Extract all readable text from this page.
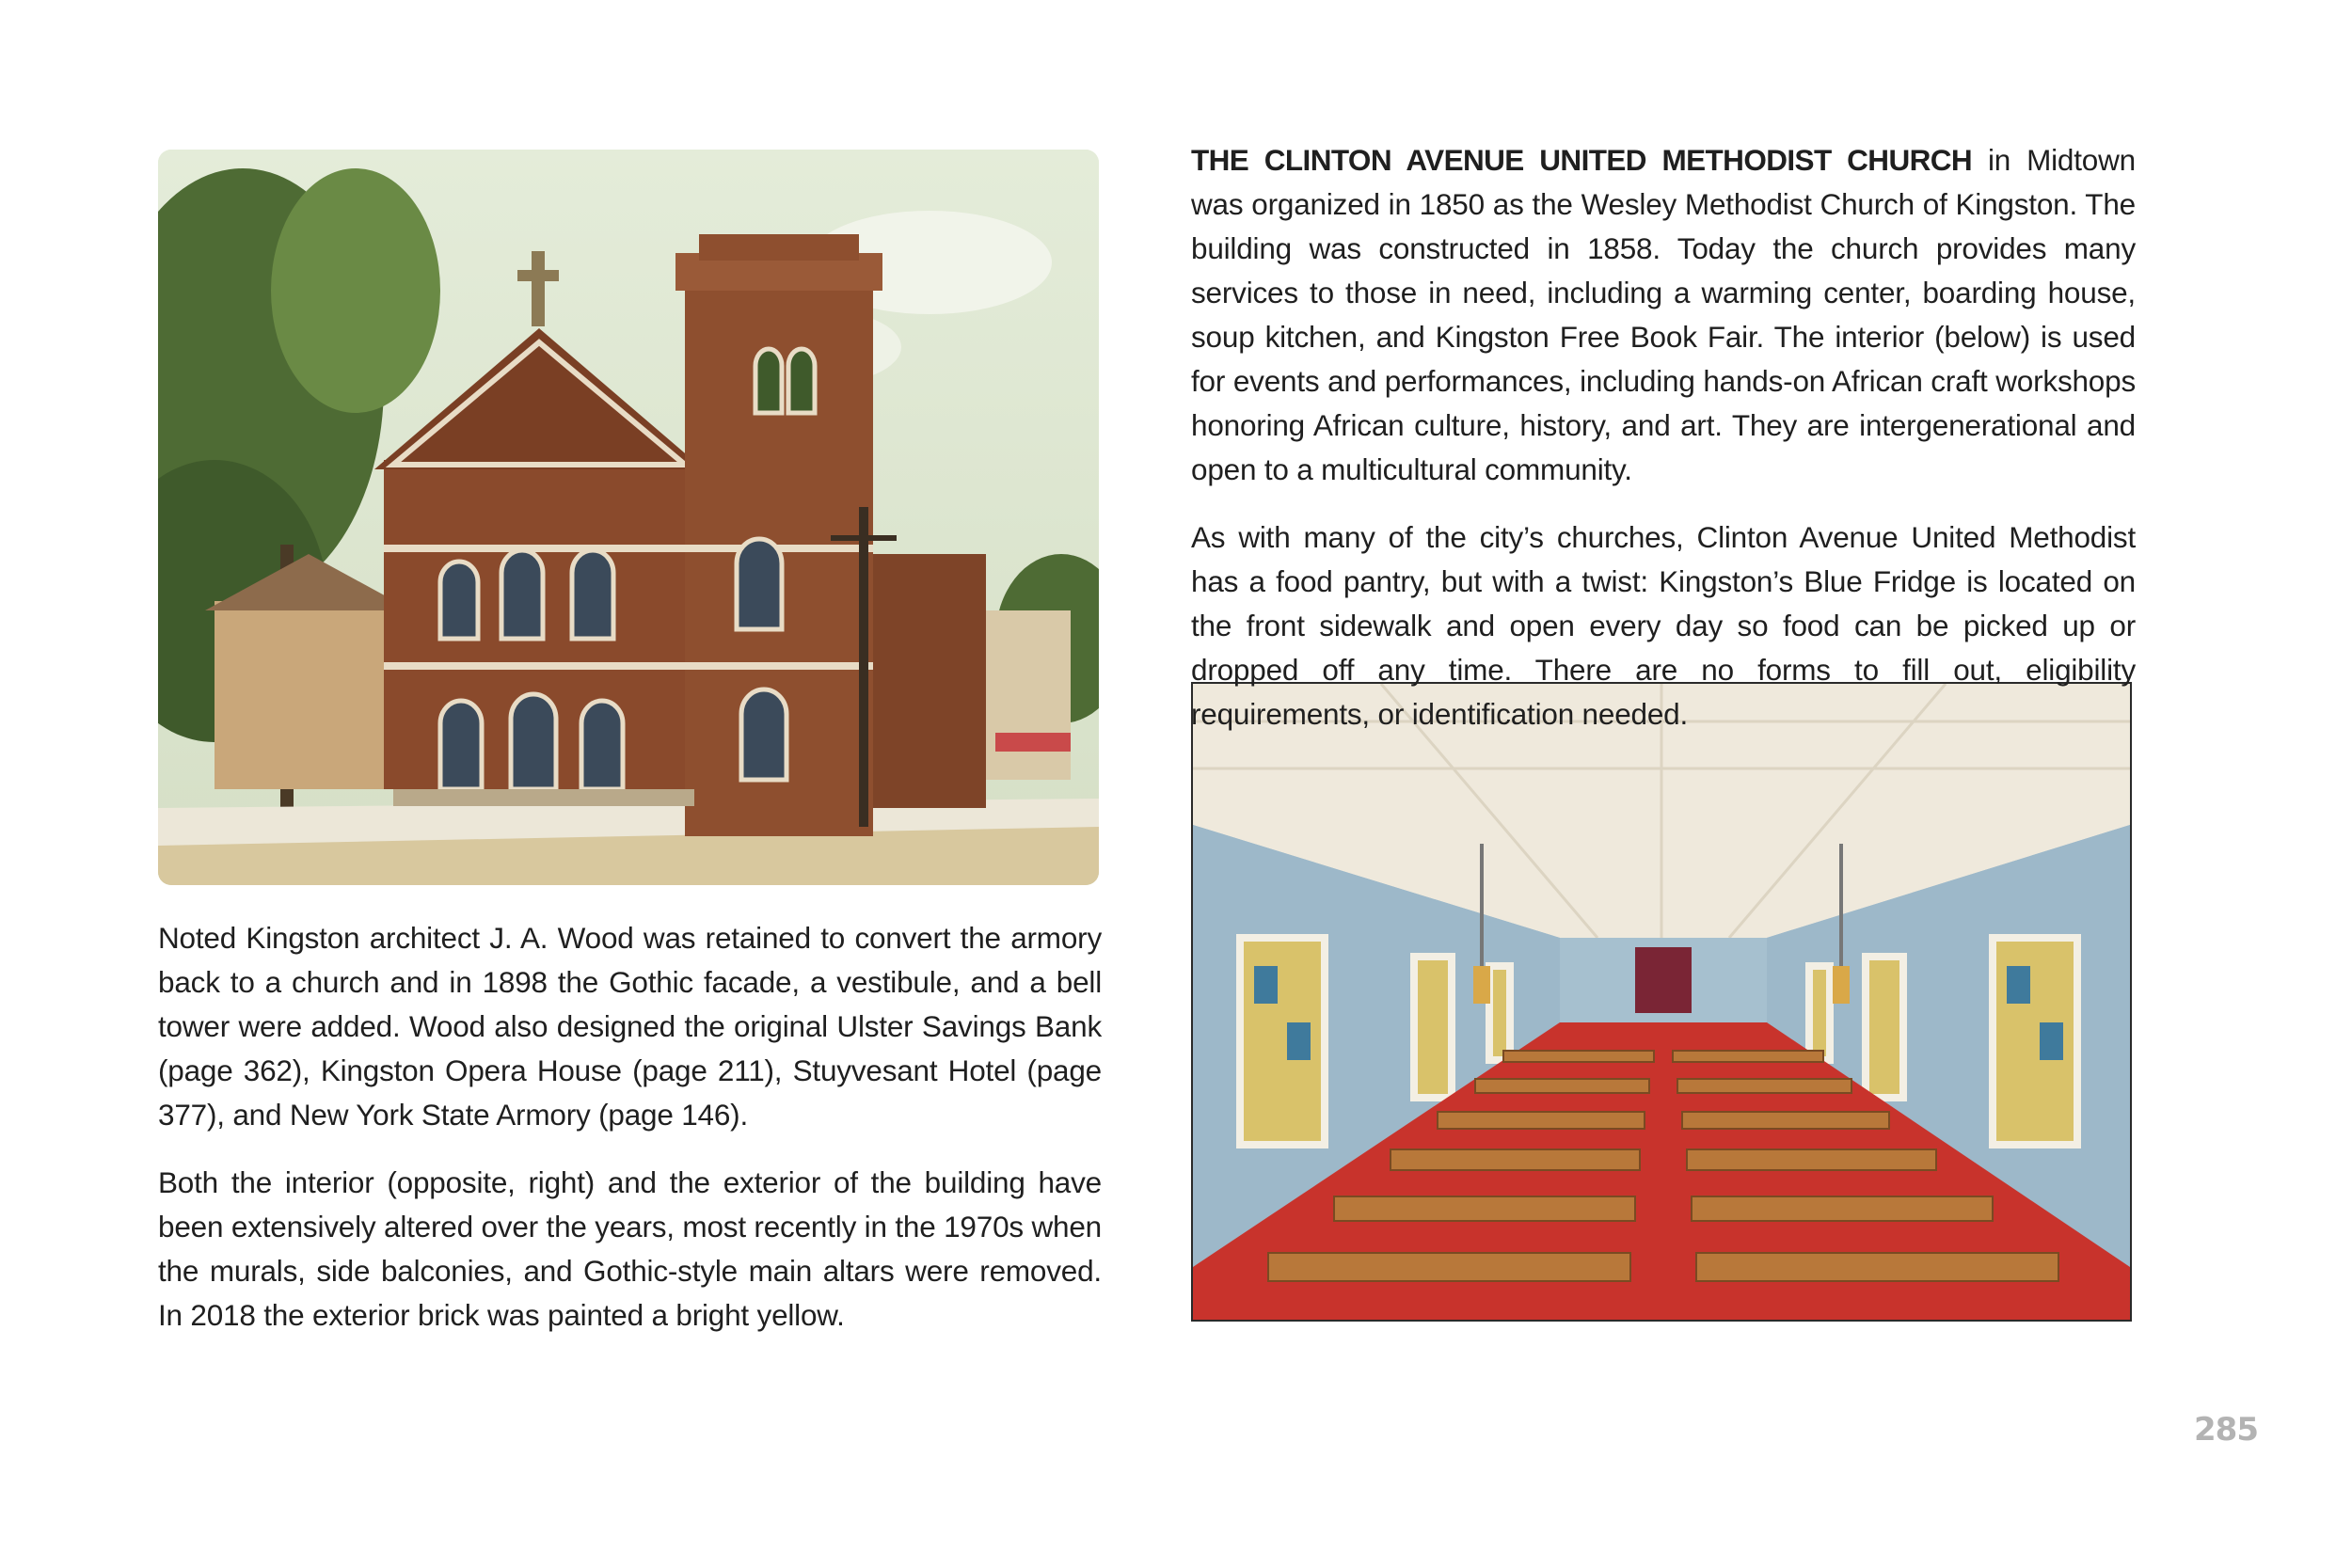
Noted Kingston architect J. A. Wood was retained to convert the armory back to a church and in 1898 the Gothic facade, a vestibule, and a bell tower were added. Wood also designed the original Ulster Savings Bank (page 362), Kingston Opera House (page 211), Stuyvesant Hotel (page 377), and New York State Armory (page 146).

Both the interior (opposite, right) and the exterior of the building have been extensively altered over the years, most recently in the 1970s when the murals, side balconies, and Gothic-style main altars were removed. In 2018 the exterior brick was painted a bright yellow.

THE CLINTON AVENUE UNITED METHODIST CHURCH in Midtown was organized in 1850 as the Wesley Methodist Church of Kingston. The building was constructed in 1858. Today the church provides many services to those in need, including a warming center, boarding house, soup kitchen, and Kingston Free Book Fair. The interior (below) is used for events and performances, including hands-on African craft workshops honoring African culture, history, and art. They are intergenerational and open to a multicultural community.

As with many of the city’s churches, Clinton Avenue United Methodist has a food pantry, but with a twist: Kingston’s Blue Fridge is located on the front sidewalk and open every day so food can be picked up or dropped off any time. There are no forms to fill out, eligibility requirements, or identification needed.

285
